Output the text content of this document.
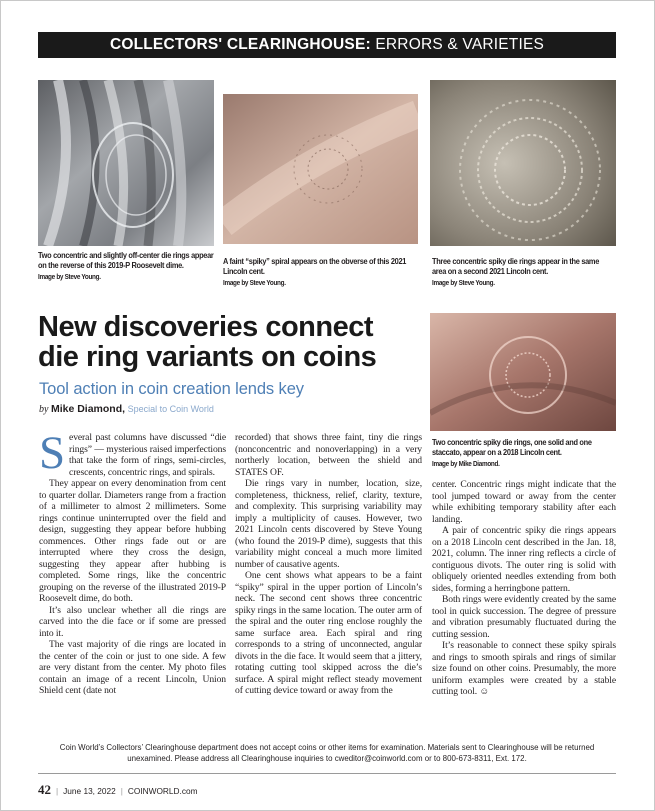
COLLECTORS' CLEARINGHOUSE: ERRORS & VARIETIES
Two concentric and slightly off-center die rings appear on the reverse of this 2019-P Roosevelt dime.
Image by Steve Young.
A faint “spiky” spiral appears on the obverse of this 2021 Lincoln cent.
Image by Steve Young.
Three concentric spiky die rings appear in the same area on a second 2021 Lincoln cent.
Image by Steve Young.
Two concentric spiky die rings, one solid and one staccato, appear on a 2018 Lincoln cent.
Image by Mike Diamond.
New discoveries connect
die ring variants on coins
Tool action in coin creation lends key
by Mike Diamond, Special to Coin World

Several past columns have discussed “die rings” — mysterious raised imperfections that take the form of rings, semi-circles, crescents, concentric rings, and spirals.

They appear on every denomination from cent to quarter dollar. Diameters range from a fraction of a millimeter to almost 2 millimeters. Some rings continue uninterrupted over the field and design, suggesting they appear before hubbing commences. Other rings fade out or are interrupted where they cross the design, suggesting they appear after hubbing is completed. Some rings, like the concentric grouping on the reverse of the illustrated 2019-P Roosevelt dime, do both.

It’s also unclear whether all die rings are carved into the die face or if some are pressed into it.

The vast majority of die rings are located in the center of the coin or just to one side. A few are very distant from the center. My photo files contain an image of a recent Lincoln, Union Shield cent (date not

recorded) that shows three faint, tiny die rings (nonconcentric and nonoverlapping) in a very northerly location, between the shield and STATES OF.

Die rings vary in number, location, size, completeness, thickness, relief, clarity, texture, and complexity. This surprising variability may imply a multiplicity of causes. However, two 2021 Lincoln cents discovered by Steve Young (who found the 2019-P dime), suggests that this variability might conceal a much more limited number of causative agents.

One cent shows what appears to be a faint “spiky” spiral in the upper portion of Lincoln’s neck. The second cent shows three concentric spiky rings in the same location. The outer arm of the spiral and the outer ring enclose roughly the same surface area. Each spiral and ring corresponds to a string of unconnected, angular divots in the die face. It would seem that a jittery, rotating cutting tool skipped across the die’s surface. A spiral might reflect steady movement of cutting device toward or away from the

center. Concentric rings might indicate that the tool jumped toward or away from the center while exhibiting temporary stability after each landing.

A pair of concentric spiky die rings appears on a 2018 Lincoln cent described in the Jan. 18, 2021, column. The inner ring reflects a circle of contiguous divots. The outer ring is solid with obliquely oriented needles extending from both sides, forming a herringbone pattern.

Both rings were evidently created by the same tool in quick succession. The degree of pressure and vibration presumably fluctuated during the cutting session.

It’s reasonable to connect these spiky spirals and rings to smooth spirals and rings of similar size found on other coins. Presumably, the more uniform examples were created by a stable cutting tool. ☺

Coin World’s Collectors’ Clearinghouse department does not accept coins or other items for examination. Materials sent to Clearinghouse will be returned
unexamined. Please address all Clearinghouse inquiries to cweditor@coinworld.com or to 800-673-8311, Ext. 172.
42 | June 13, 2022 | COINWORLD.com
